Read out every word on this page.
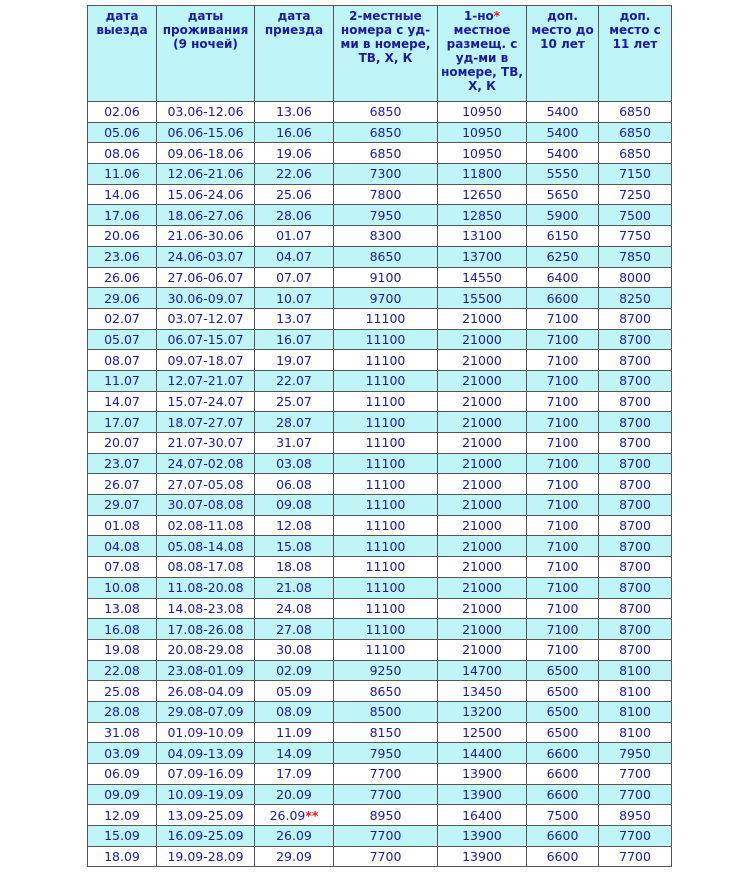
дата выезда	даты проживания (9 ночей)	дата приезда	2-местные номера с уд-ми в номере, ТВ, Х, К	1-но* местное размещ. с уд-ми в номере, ТВ, Х, К	доп. место до 10 лет	доп. место с 11 лет
02.06	03.06-12.06	13.06	6850	10950	5400	6850
05.06	06.06-15.06	16.06	6850	10950	5400	6850
08.06	09.06-18.06	19.06	6850	10950	5400	6850
11.06	12.06-21.06	22.06	7300	11800	5550	7150
14.06	15.06-24.06	25.06	7800	12650	5650	7250
17.06	18.06-27.06	28.06	7950	12850	5900	7500
20.06	21.06-30.06	01.07	8300	13100	6150	7750
23.06	24.06-03.07	04.07	8650	13700	6250	7850
26.06	27.06-06.07	07.07	9100	14550	6400	8000
29.06	30.06-09.07	10.07	9700	15500	6600	8250
02.07	03.07-12.07	13.07	11100	21000	7100	8700
05.07	06.07-15.07	16.07	11100	21000	7100	8700
08.07	09.07-18.07	19.07	11100	21000	7100	8700
11.07	12.07-21.07	22.07	11100	21000	7100	8700
14.07	15.07-24.07	25.07	11100	21000	7100	8700
17.07	18.07-27.07	28.07	11100	21000	7100	8700
20.07	21.07-30.07	31.07	11100	21000	7100	8700
23.07	24.07-02.08	03.08	11100	21000	7100	8700
26.07	27.07-05.08	06.08	11100	21000	7100	8700
29.07	30.07-08.08	09.08	11100	21000	7100	8700
01.08	02.08-11.08	12.08	11100	21000	7100	8700
04.08	05.08-14.08	15.08	11100	21000	7100	8700
07.08	08.08-17.08	18.08	11100	21000	7100	8700
10.08	11.08-20.08	21.08	11100	21000	7100	8700
13.08	14.08-23.08	24.08	11100	21000	7100	8700
16.08	17.08-26.08	27.08	11100	21000	7100	8700
19.08	20.08-29.08	30.08	11100	21000	7100	8700
22.08	23.08-01.09	02.09	9250	14700	6500	8100
25.08	26.08-04.09	05.09	8650	13450	6500	8100
28.08	29.08-07.09	08.09	8500	13200	6500	8100
31.08	01.09-10.09	11.09	8150	12500	6500	8100
03.09	04.09-13.09	14.09	7950	14400	6600	7950
06.09	07.09-16.09	17.09	7700	13900	6600	7700
09.09	10.09-19.09	20.09	7700	13900	6600	7700
12.09	13.09-25.09	26.09**	8950	16400	7500	8950
15.09	16.09-25.09	26.09	7700	13900	6600	7700
18.09	19.09-28.09	29.09	7700	13900	6600	7700
